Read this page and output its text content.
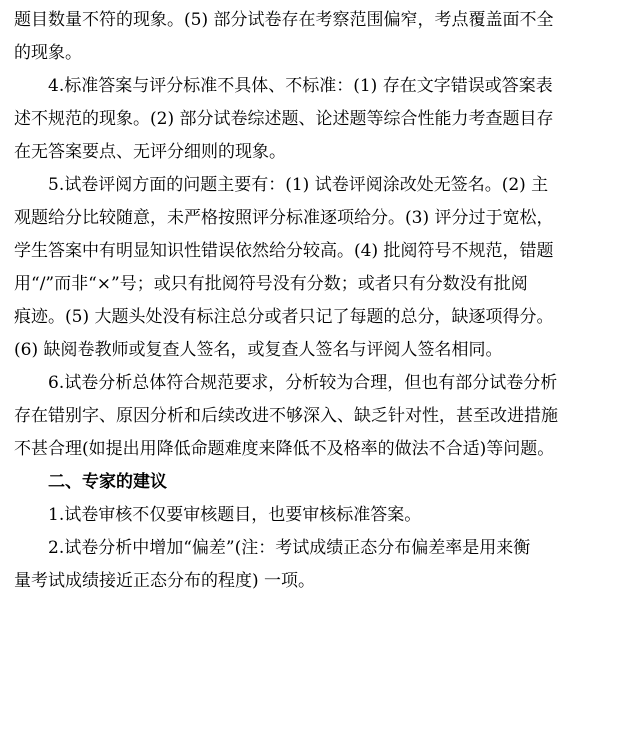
题目数量不符的现象。(5) 部分试卷存在考察范围偏窄，考点覆盖面不全
的现象。
4.标准答案与评分标准不具体、不标准：(1) 存在文字错误或答案表
述不规范的现象。(2) 部分试卷综述题、论述题等综合性能力考查题目存
在无答案要点、无评分细则的现象。
5.试卷评阅方面的问题主要有：(1) 试卷评阅涂改处无签名。(2) 主
观题给分比较随意，未严格按照评分标准逐项给分。(3) 评分过于宽松，
学生答案中有明显知识性错误依然给分较高。(4) 批阅符号不规范，错题
用“/”而非“×”号；或只有批阅符号没有分数；或者只有分数没有批阅
痕迹。(5) 大题头处没有标注总分或者只记了每题的总分，缺逐项得分。
(6) 缺阅卷教师或复查人签名，或复查人签名与评阅人签名相同。
6.试卷分析总体符合规范要求，分析较为合理，但也有部分试卷分析
存在错别字、原因分析和后续改进不够深入、缺乏针对性，甚至改进措施
不甚合理(如提出用降低命题难度来降低不及格率的做法不合适)等问题。
二、专家的建议
1.试卷审核不仅要审核题目，也要审核标准答案。
2.试卷分析中增加“偏差”(注：考试成绩正态分布偏差率是用来衡
量考试成绩接近正态分布的程度) 一项。
